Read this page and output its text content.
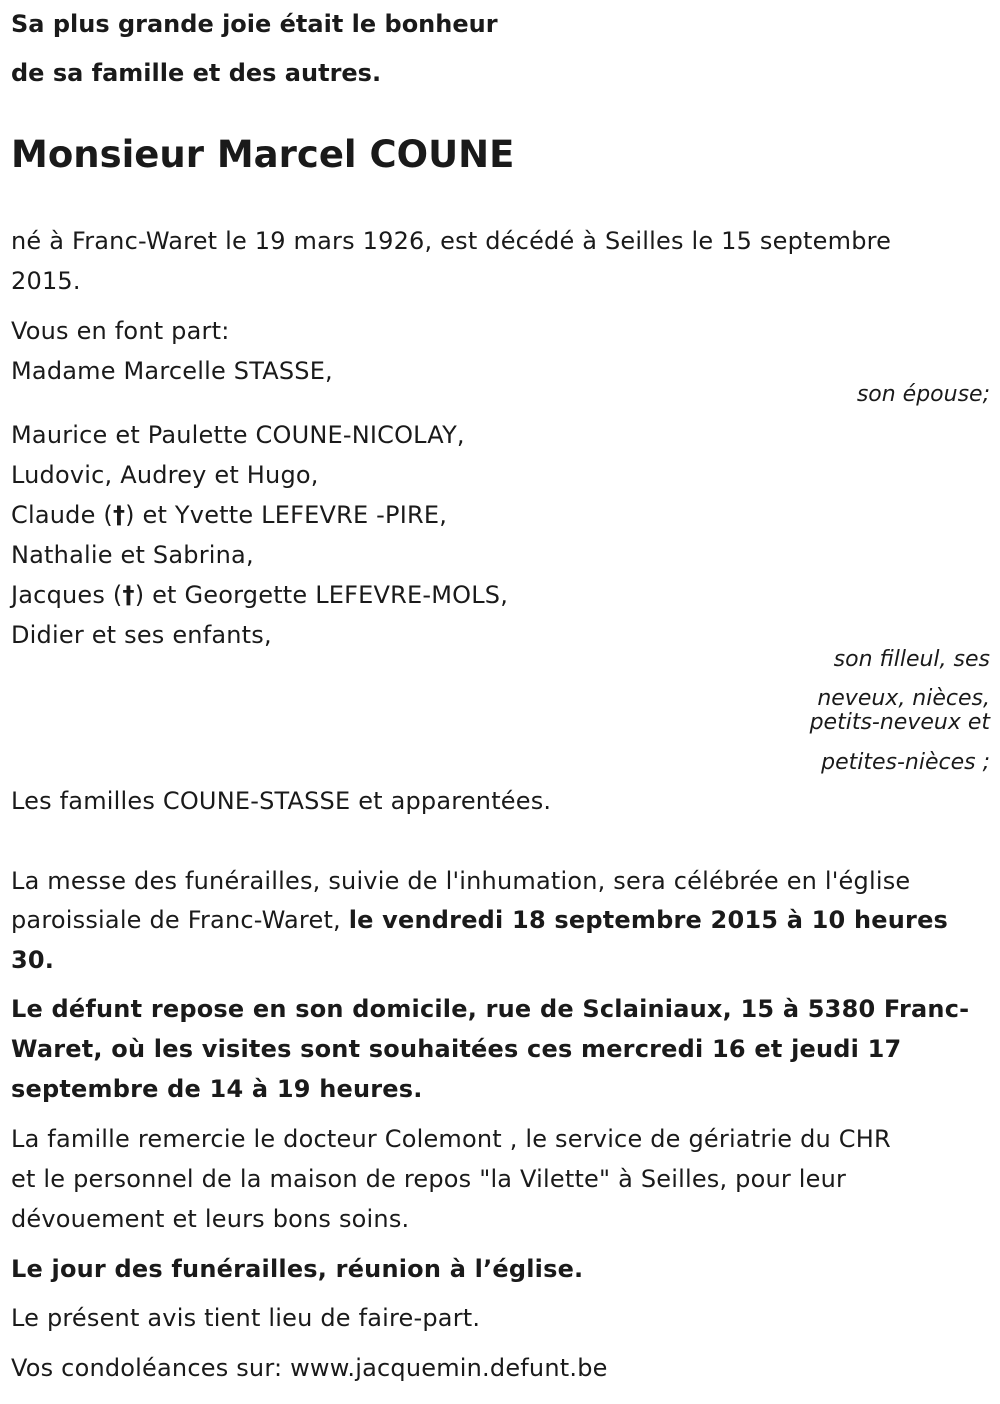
Sa plus grande joie était le bonheur

de sa famille et des autres.

Monsieur Marcel COUNE

né à Franc-Waret le 19 mars 1926, est décédé à Seilles le 15 septembre

2015.

Vous en font part:

Madame Marcelle STASSE,

son épouse;

Maurice et Paulette COUNE-NICOLAY,

Ludovic, Audrey et Hugo,

Claude (†) et Yvette LEFEVRE -PIRE,

Nathalie et Sabrina,

Jacques (†) et Georgette LEFEVRE-MOLS,

Didier et ses enfants,

son filleul, ses

neveux, nièces,

petits-neveux et

petites-nièces ;

Les familles COUNE-STASSE et apparentées.

La messe des funérailles, suivie de l'inhumation, sera célébrée en l'église

paroissiale de Franc-Waret, le vendredi 18 septembre 2015 à 10 heures

30.

Le défunt repose en son domicile, rue de Sclainiaux, 15 à 5380 Franc-

Waret, où les visites sont souhaitées ces mercredi 16 et jeudi 17

septembre de 14 à 19 heures.

La famille remercie le docteur Colemont , le service de gériatrie du CHR

et le personnel de la maison de repos "la Vilette" à Seilles, pour leur

dévouement et leurs bons soins.

Le jour des funérailles, réunion à l’église.

Le présent avis tient lieu de faire-part.

Vos condoléances sur: www.jacquemin.defunt.be
